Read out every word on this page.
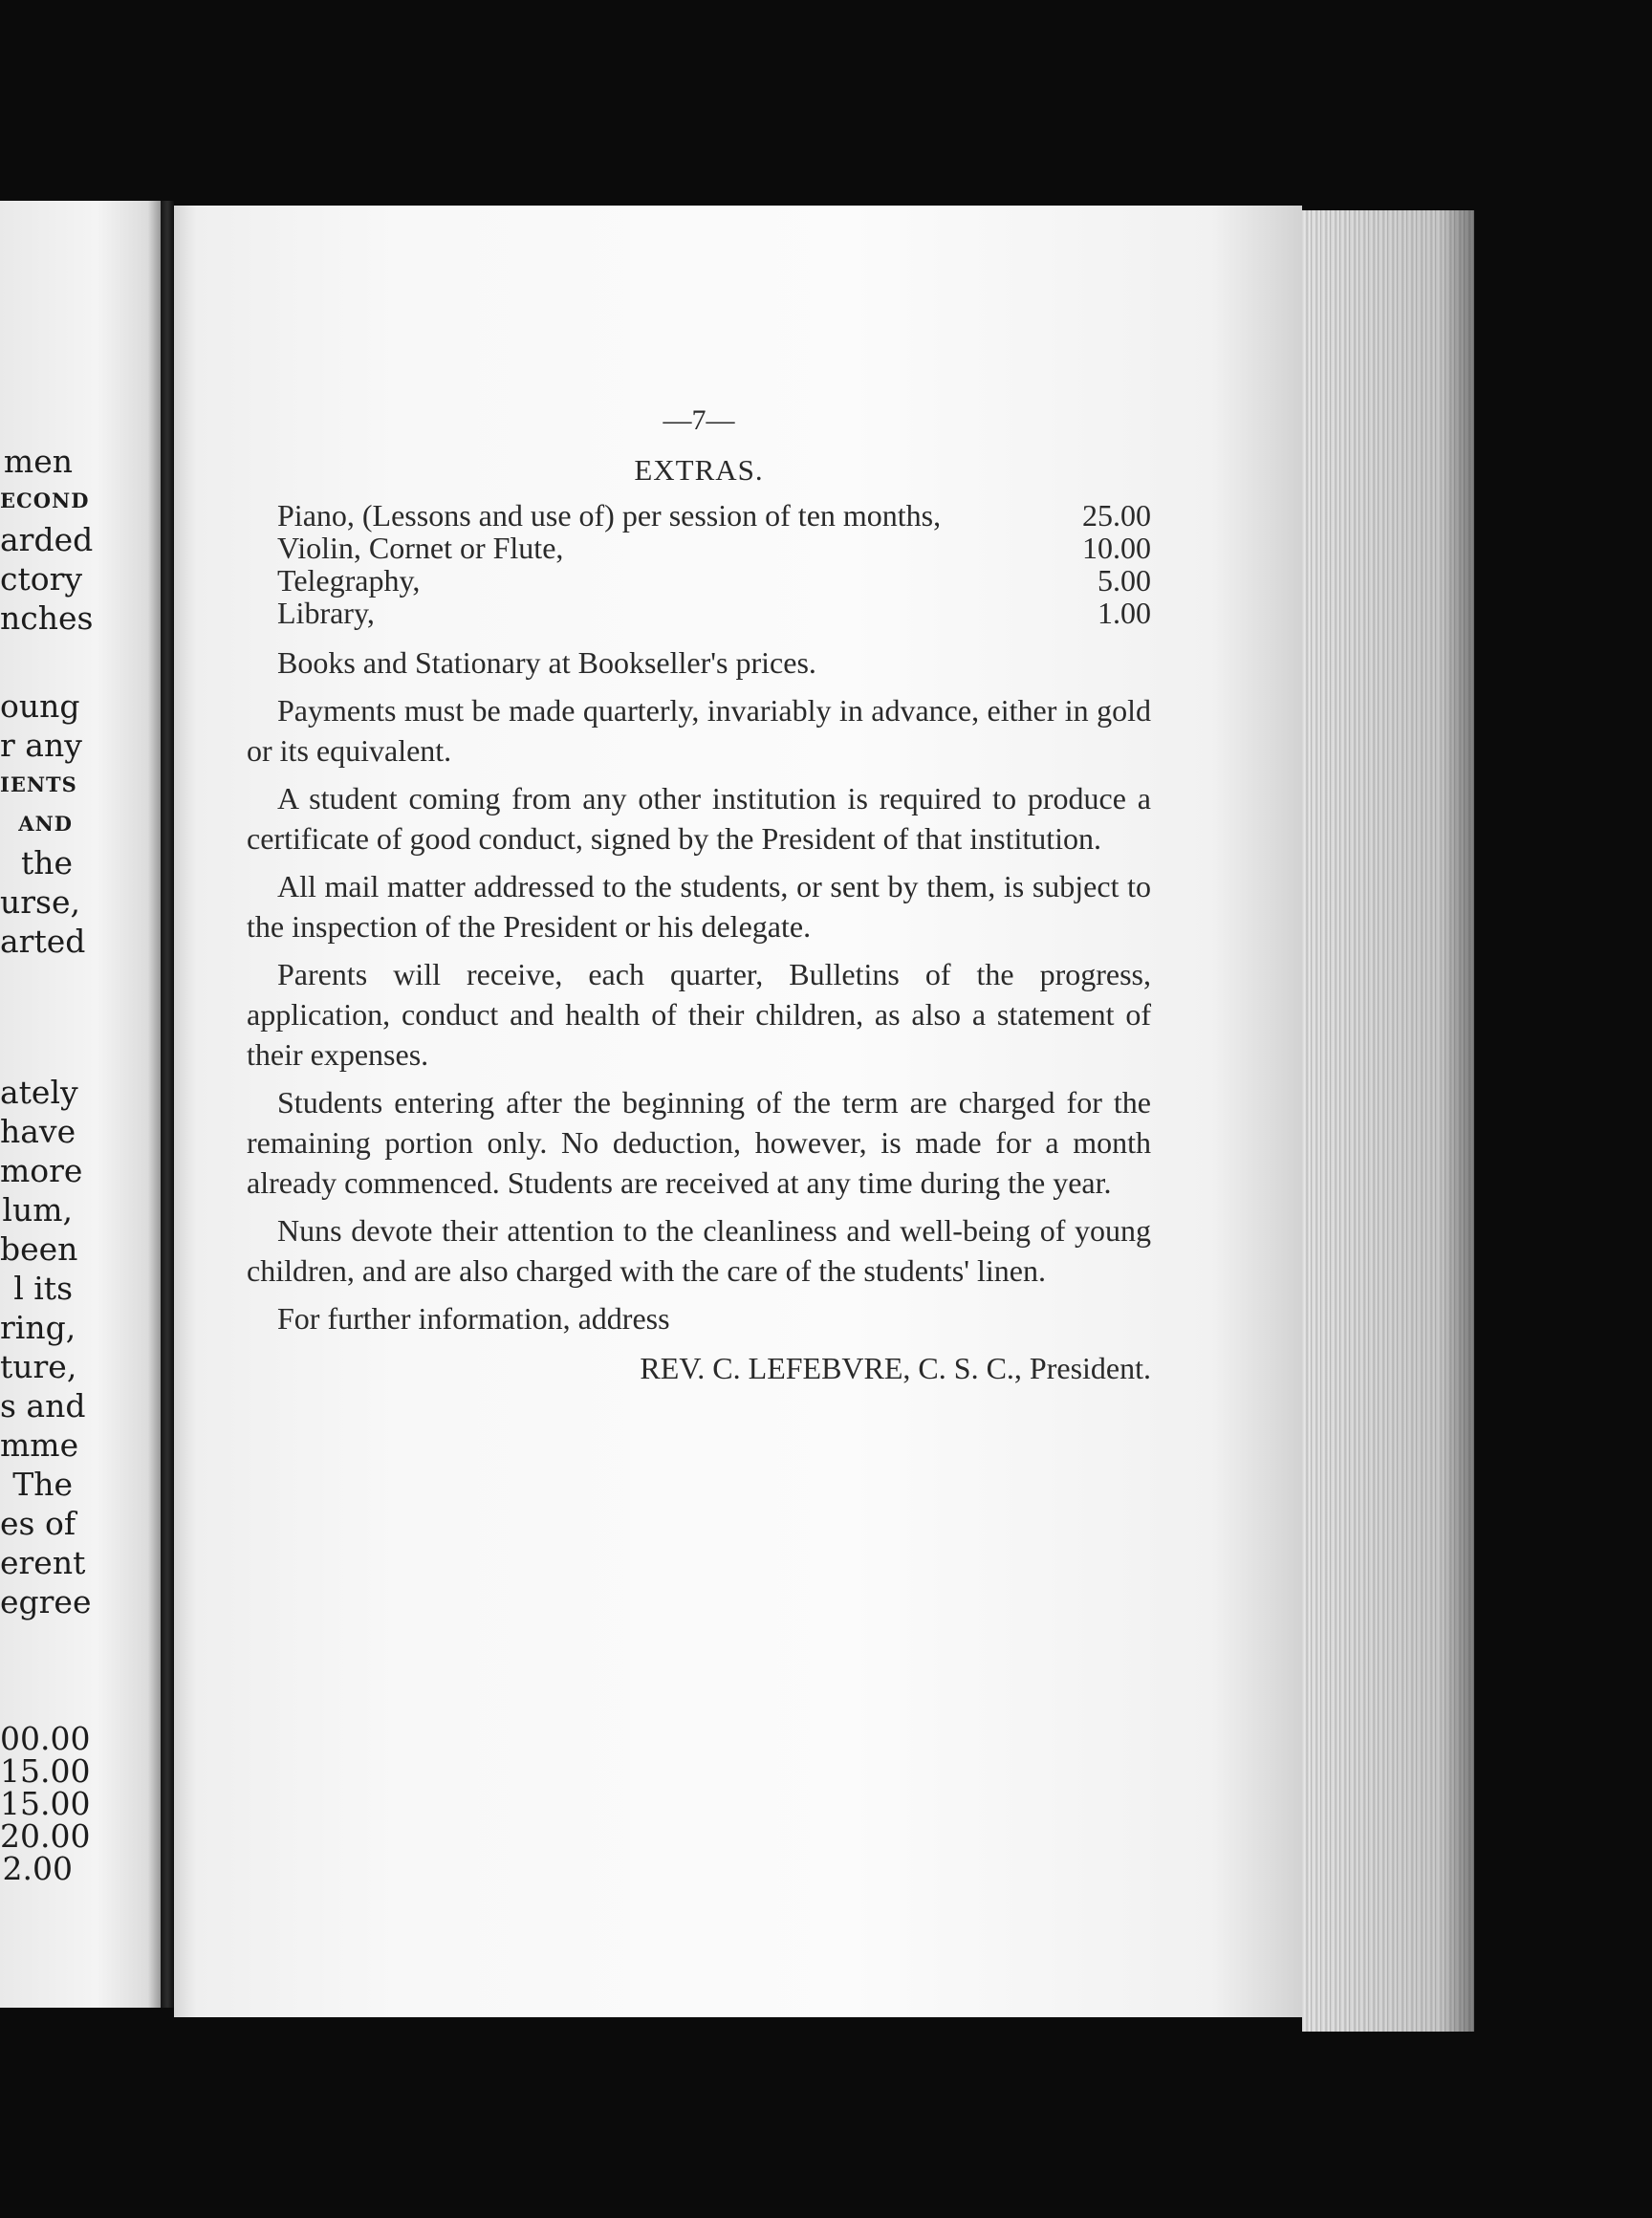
men
ECOND
arded
ctory
nches
oung
r any
IENTS
AND
the
urse,
arted
ately
have
more
lum,
been
l its
ring,
ture,
s and
mme
The
es of
erent
egree
00.00
15.00
15.00
20.00
2.00
—7—
EXTRAS.
Piano, (Lessons and use of) per session of ten months,	25.00
Violin, Cornet or Flute,	10.00
Telegraphy,	5.00
Library,	1.00
Books and Stationary at Bookseller's prices.
Payments must be made quarterly, invariably in advance, either in gold or its equivalent.
A student coming from any other institution is required to produce a certificate of good conduct, signed by the President of that institution.
All mail matter addressed to the students, or sent by them, is subject to the inspection of the President or his delegate.
Parents will receive, each quarter, Bulletins of the progress, application, conduct and health of their children, as also a statement of their expenses.
Students entering after the beginning of the term are charged for the remaining portion only. No deduction, however, is made for a month already commenced. Students are received at any time during the year.
Nuns devote their attention to the cleanliness and well-being of young children, and are also charged with the care of the students' linen.
For further information, address
REV. C. LEFEBVRE, C. S. C., President.
